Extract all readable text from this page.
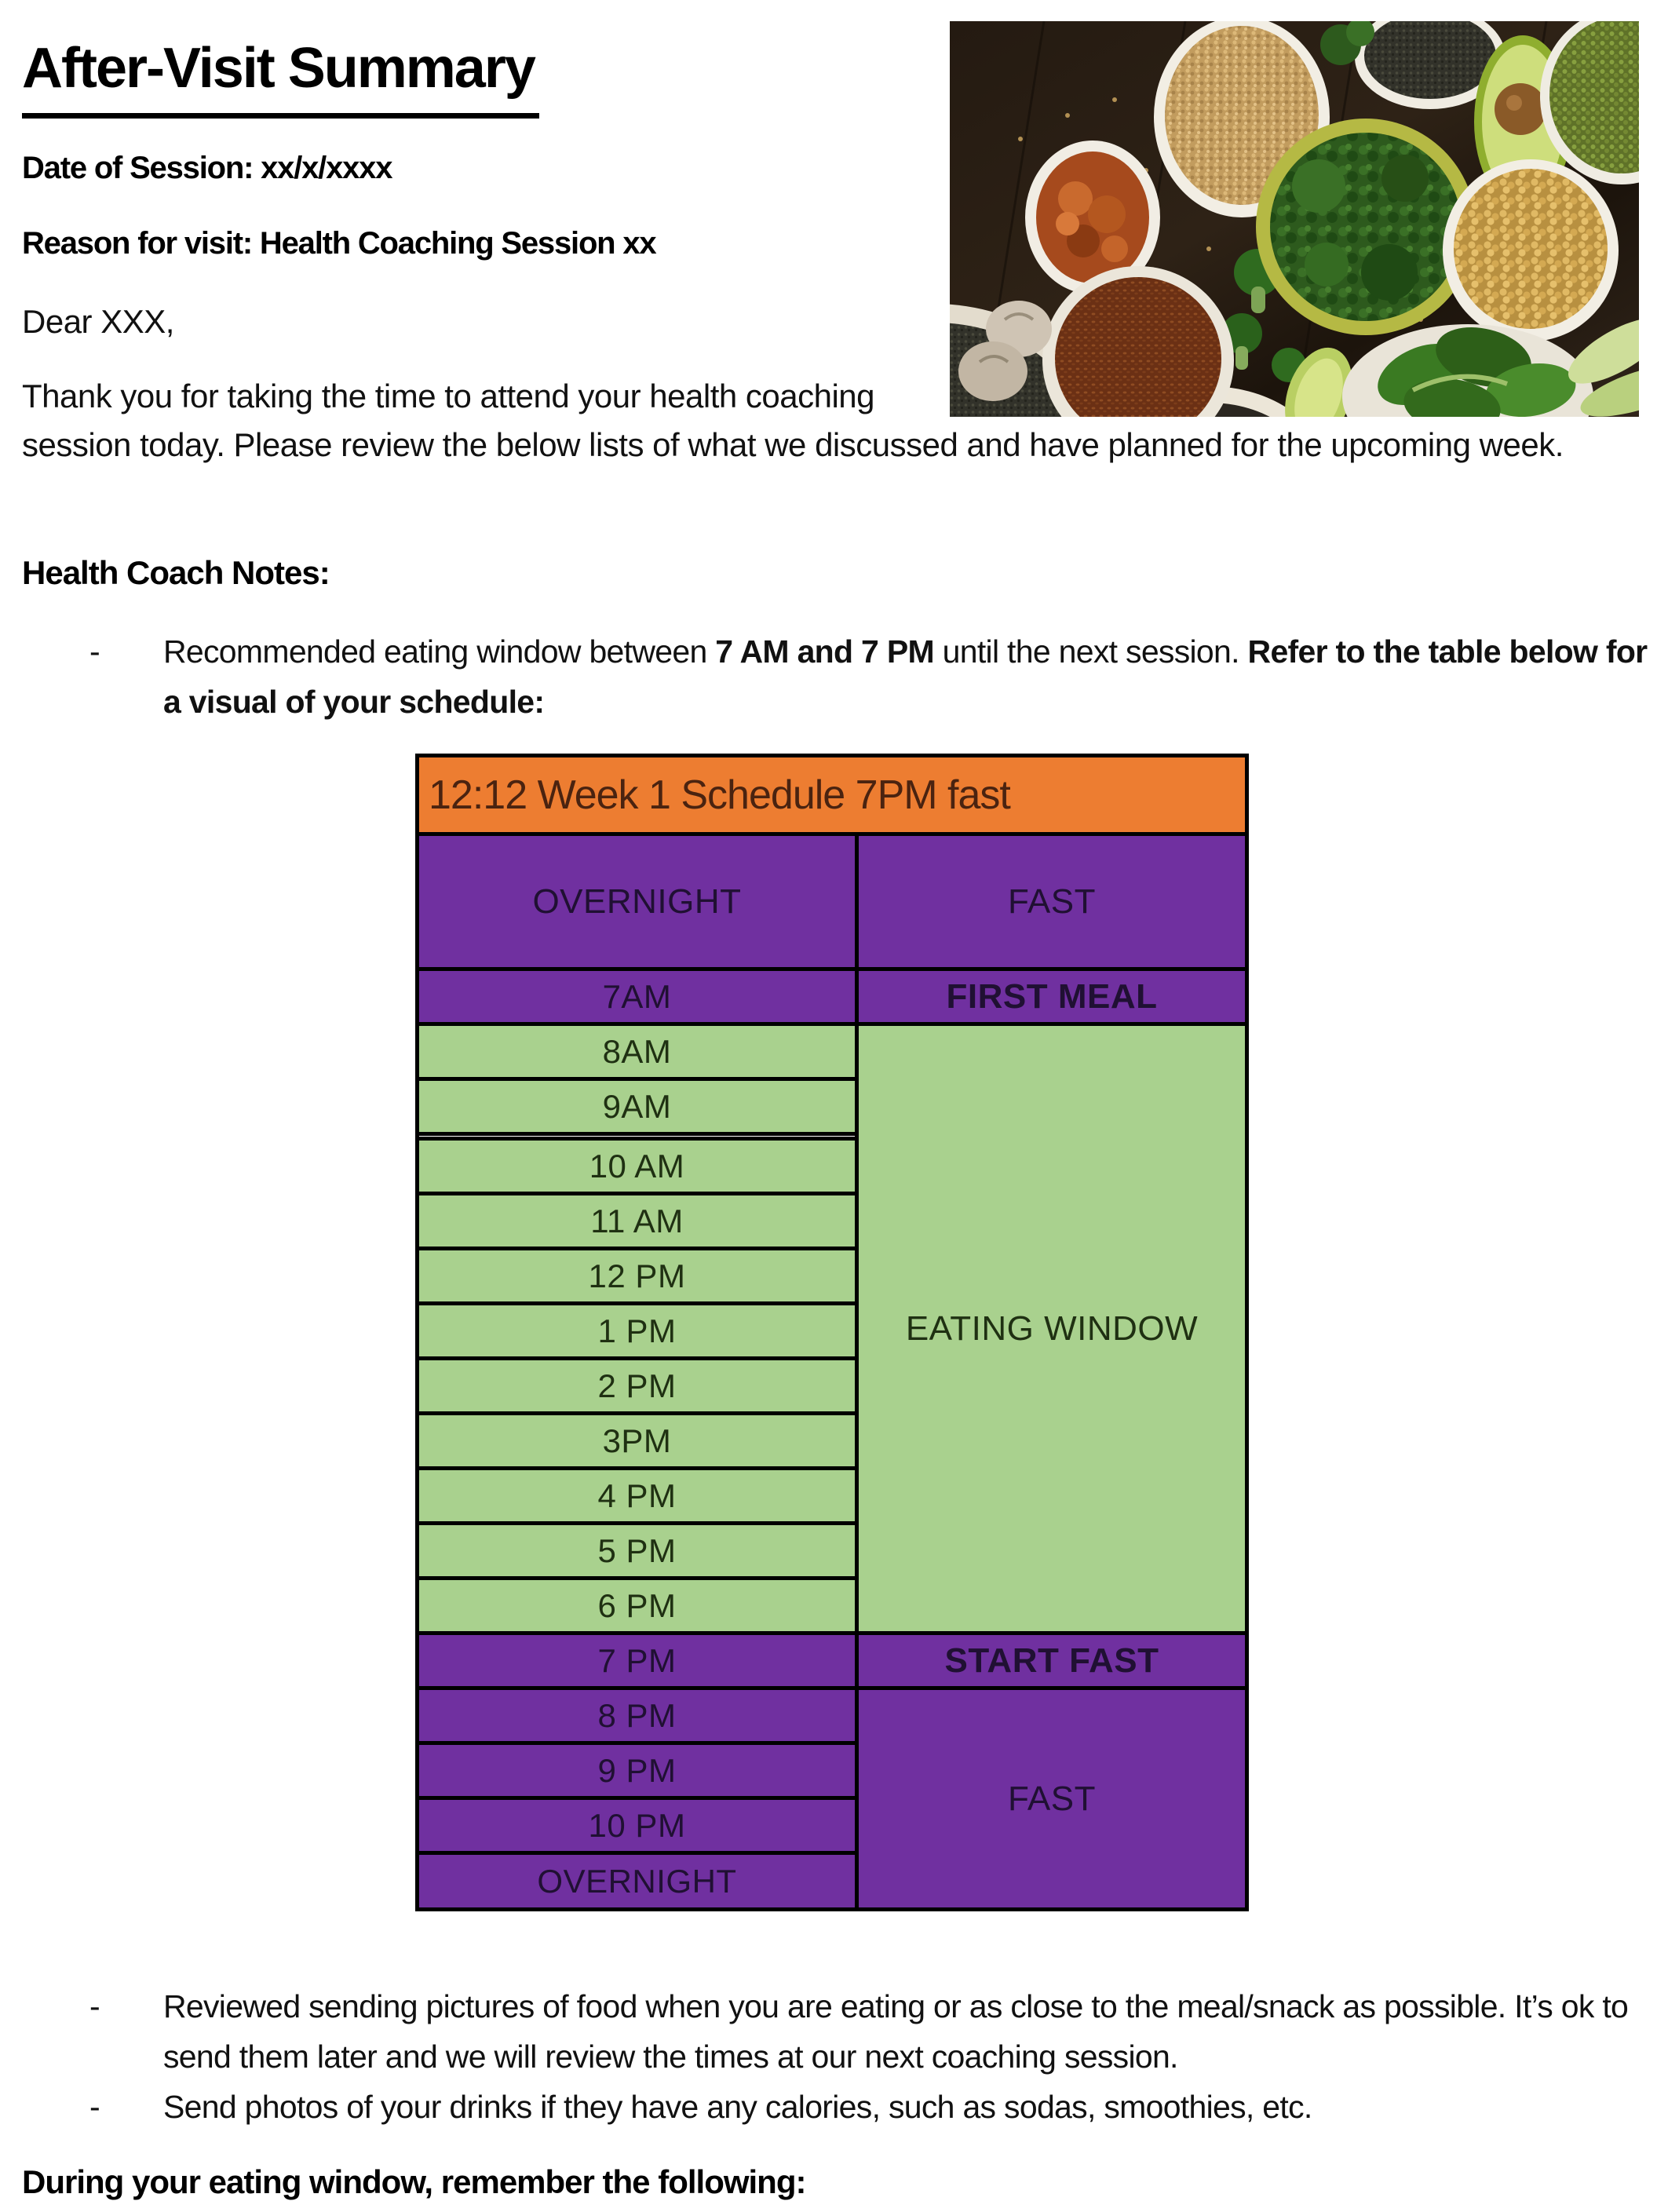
After-Visit Summary
Date of Session: xx/x/xxxx
Reason for visit: Health Coaching Session xx
Dear XXX,
Thank you for taking the time to attend your health coaching session today. Please review the below lists of what we discussed and have planned for the upcoming week.
Health Coach Notes:
- Recommended eating window between 7 AM and 7 PM until the next session. Refer to the table below for a visual of your schedule:
12:12 Week 1 Schedule 7PM fast	
OVERNIGHT	FAST
7AM	FIRST MEAL
8AM	EATING WINDOW
9AM	

10 AM	
11 AM	
12 PM	
1 PM	
2 PM	
3PM	
4 PM	
5 PM	
6 PM	
7 PM	START FAST
8 PM	FAST
9 PM	
10 PM	
OVERNIGHT	
- Reviewed sending pictures of food when you are eating or as close to the meal/snack as possible. It’s ok to send them later and we will review the times at our next coaching session.
- Send photos of your drinks if they have any calories, such as sodas, smoothies, etc.
During your eating window, remember the following:
